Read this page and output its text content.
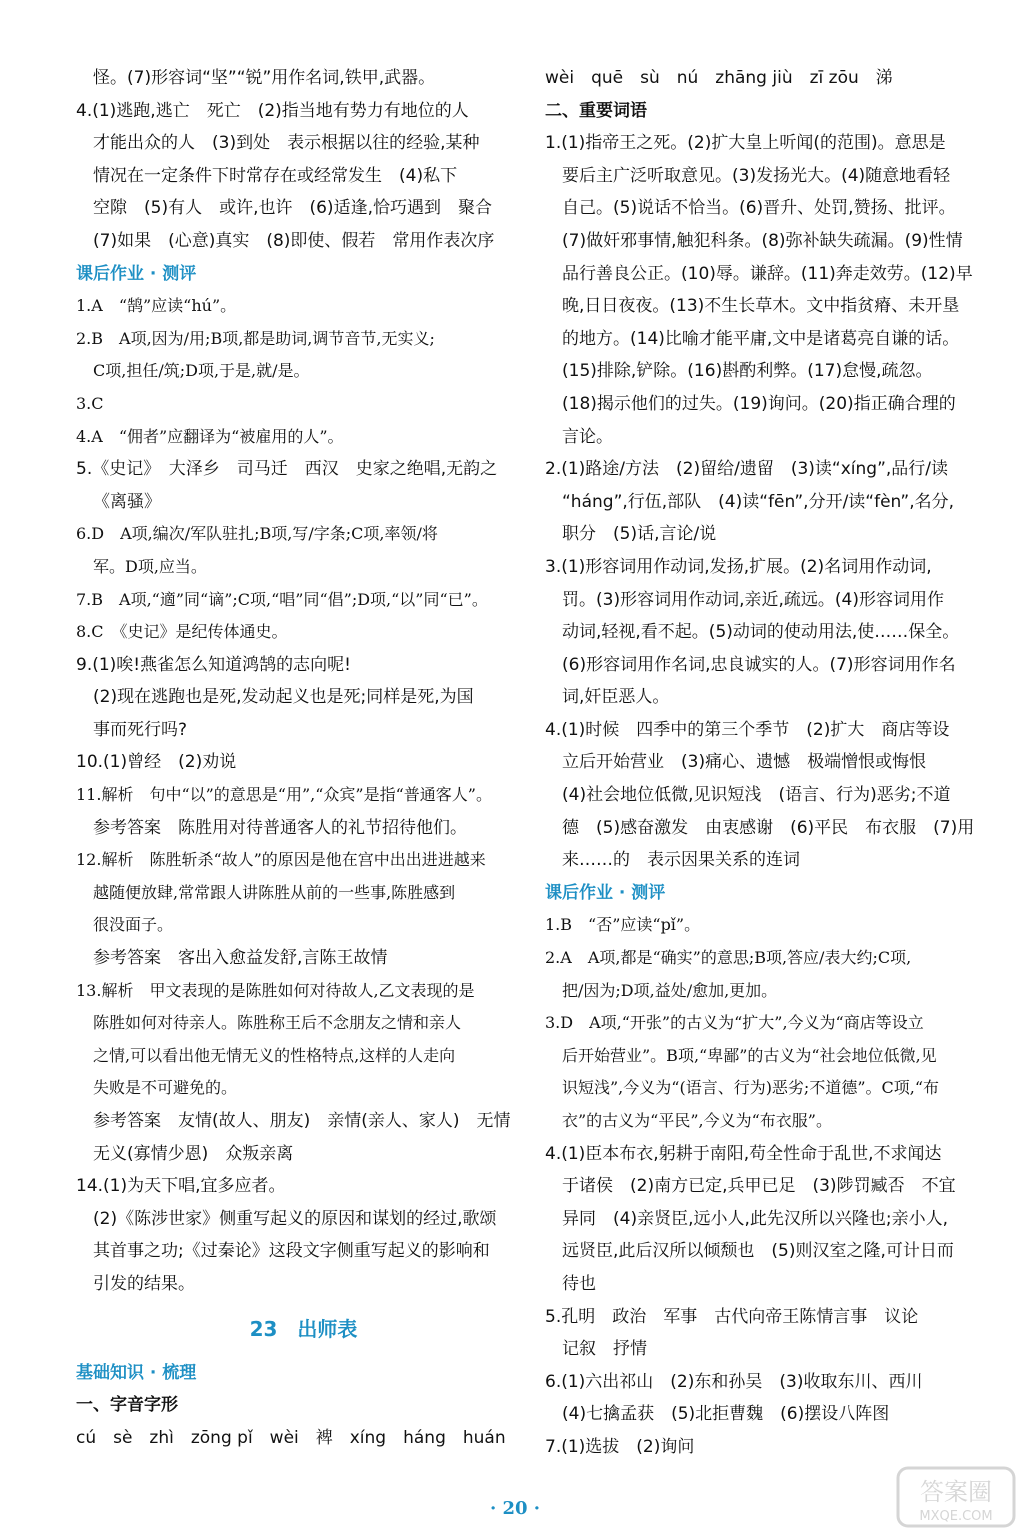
怪。(7)形容词“坚”“锐”用作名词,铁甲,武器。
4.(1)逃跑,逃亡　死亡　(2)指当地有势力有地位的人
才能出众的人　(3)到处　表示根据以往的经验,某种
情况在一定条件下时常存在或经常发生　(4)私下
空隙　(5)有人　或许,也许　(6)适逢,恰巧遇到　聚合
(7)如果　(心意)真实　(8)即使、假若　常用作表次序
课后作业 · 测评
1.A　“鹄”应读“hú”。
2.B　A项,因为/用;B项,都是助词,调节音节,无实义;
C项,担任/筑;D项,于是,就/是。
3.C
4.A　“佣者”应翻译为“被雇用的人”。
5.《史记》　大泽乡　司马迁　西汉　史家之绝唱,无韵之
《离骚》
6.D　A项,编次/军队驻扎;B项,写/字条;C项,率领/将
军。D项,应当。
7.B　A项,“適”同“谪”;C项,“唱”同“倡”;D项,“以”同“已”。
8.C　《史记》是纪传体通史。
9.(1)唉!燕雀怎么知道鸿鹄的志向呢!
(2)现在逃跑也是死,发动起义也是死;同样是死,为国
事而死行吗?
10.(1)曾经　(2)劝说
11.解析　句中“以”的意思是“用”,“众宾”是指“普通客人”。
参考答案　陈胜用对待普通客人的礼节招待他们。
12.解析　陈胜斩杀“故人”的原因是他在宫中出出进进越来
越随便放肆,常常跟人讲陈胜从前的一些事,陈胜感到
很没面子。
参考答案　客出入愈益发舒,言陈王故情
13.解析　甲文表现的是陈胜如何对待故人,乙文表现的是
陈胜如何对待亲人。陈胜称王后不念朋友之情和亲人
之情,可以看出他无情无义的性格特点,这样的人走向
失败是不可避免的。
参考答案　友情(故人、朋友)　亲情(亲人、家人)　无情
无义(寡情少恩)　众叛亲离
14.(1)为天下唱,宜多应者。
(2)《陈涉世家》侧重写起义的原因和谋划的经过,歌颂
其首事之功;《过秦论》这段文字侧重写起义的影响和
引发的结果。
23　出师表
基础知识 · 梳理
一、字音字形
cú　sè　zhì　zōng pǐ　wèi　裨　xíng　háng　huán
wèi　quē　sù　nú　zhāng jiù　zī zōu　涕
二、重要词语
1.(1)指帝王之死。(2)扩大皇上听闻(的范围)。意思是
要后主广泛听取意见。(3)发扬光大。(4)随意地看轻
自己。(5)说话不恰当。(6)晋升、处罚,赞扬、批评。
(7)做奸邪事情,触犯科条。(8)弥补缺失疏漏。(9)性情
品行善良公正。(10)辱。谦辞。(11)奔走效劳。(12)早
晚,日日夜夜。(13)不生长草木。文中指贫瘠、未开垦
的地方。(14)比喻才能平庸,文中是诸葛亮自谦的话。
(15)排除,铲除。(16)斟酌利弊。(17)怠慢,疏忽。
(18)揭示他们的过失。(19)询问。(20)指正确合理的
言论。
2.(1)路途/方法　(2)留给/遗留　(3)读“xíng”,品行/读
“háng”,行伍,部队　(4)读“fēn”,分开/读“fèn”,名分,
职分　(5)话,言论/说
3.(1)形容词用作动词,发扬,扩展。(2)名词用作动词,
罚。(3)形容词用作动词,亲近,疏远。(4)形容词用作
动词,轻视,看不起。(5)动词的使动用法,使……保全。
(6)形容词用作名词,忠良诚实的人。(7)形容词用作名
词,奸臣恶人。
4.(1)时候　四季中的第三个季节　(2)扩大　商店等设
立后开始营业　(3)痛心、遗憾　极端憎恨或悔恨
(4)社会地位低微,见识短浅　(语言、行为)恶劣;不道
德　(5)感奋激发　由衷感谢　(6)平民　布衣服　(7)用
来……的　表示因果关系的连词
课后作业 · 测评
1.B　“否”应读“pǐ”。
2.A　A项,都是“确实”的意思;B项,答应/表大约;C项,
把/因为;D项,益处/愈加,更加。
3.D　A项,“开张”的古义为“扩大”,今义为“商店等设立
后开始营业”。B项,“卑鄙”的古义为“社会地位低微,见
识短浅”,今义为“(语言、行为)恶劣;不道德”。C项,“布
衣”的古义为“平民”,今义为“布衣服”。
4.(1)臣本布衣,躬耕于南阳,苟全性命于乱世,不求闻达
于诸侯　(2)南方已定,兵甲已足　(3)陟罚臧否　不宜
异同　(4)亲贤臣,远小人,此先汉所以兴隆也;亲小人,
远贤臣,此后汉所以倾颓也　(5)则汉室之隆,可计日而
待也
5.孔明　政治　军事　古代向帝王陈情言事　议论
记叙　抒情
6.(1)六出祁山　(2)东和孙吴　(3)收取东川、西川
(4)七擒孟获　(5)北拒曹魏　(6)摆设八阵图
7.(1)选拔　(2)询问
· 20 ·
答案圈
MXQE.COM
